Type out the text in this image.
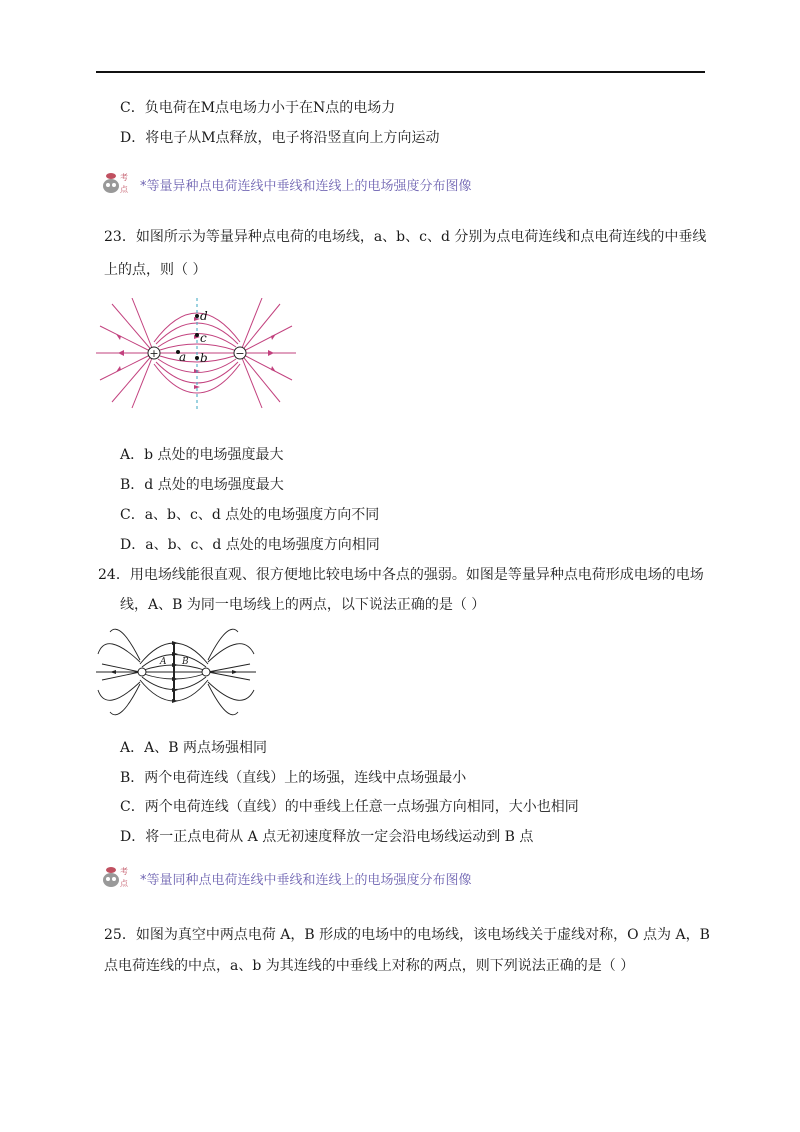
C．负电荷在M点电场力小于在N点的电场力
D．将电子从M点释放，电子将沿竖直向上方向运动
考
点 *等量异种点电荷连线中垂线和连线上的电场强度分布图像
23．如图所示为等量异种点电荷的电场线，a、b、c、d 分别为点电荷连线和点电荷连线的中垂线
上的点，则（ ）
+	−
a b
c
d
A．b 点处的电场强度最大
B．d 点处的电场强度最大
C．a、b、c、d 点处的电场强度方向不同
D．a、b、c、d 点处的电场强度方向相同
24．用电场线能很直观、很方便地比较电场中各点的强弱。如图是等量异种点电荷形成电场的电场
线，A、B 为同一电场线上的两点，以下说法正确的是（ ）
A B
A．A、B 两点场强相同
B．两个电荷连线（直线）上的场强，连线中点场强最小
C．两个电荷连线（直线）的中垂线上任意一点场强方向相同，大小也相同
D．将一正点电荷从 A 点无初速度释放一定会沿电场线运动到 B 点
考
点 *等量同种点电荷连线中垂线和连线上的电场强度分布图像
25．如图为真空中两点电荷 A，B 形成的电场中的电场线，该电场线关于虚线对称，O 点为 A，B
点电荷连线的中点，a、b 为其连线的中垂线上对称的两点，则下列说法正确的是（ ）
